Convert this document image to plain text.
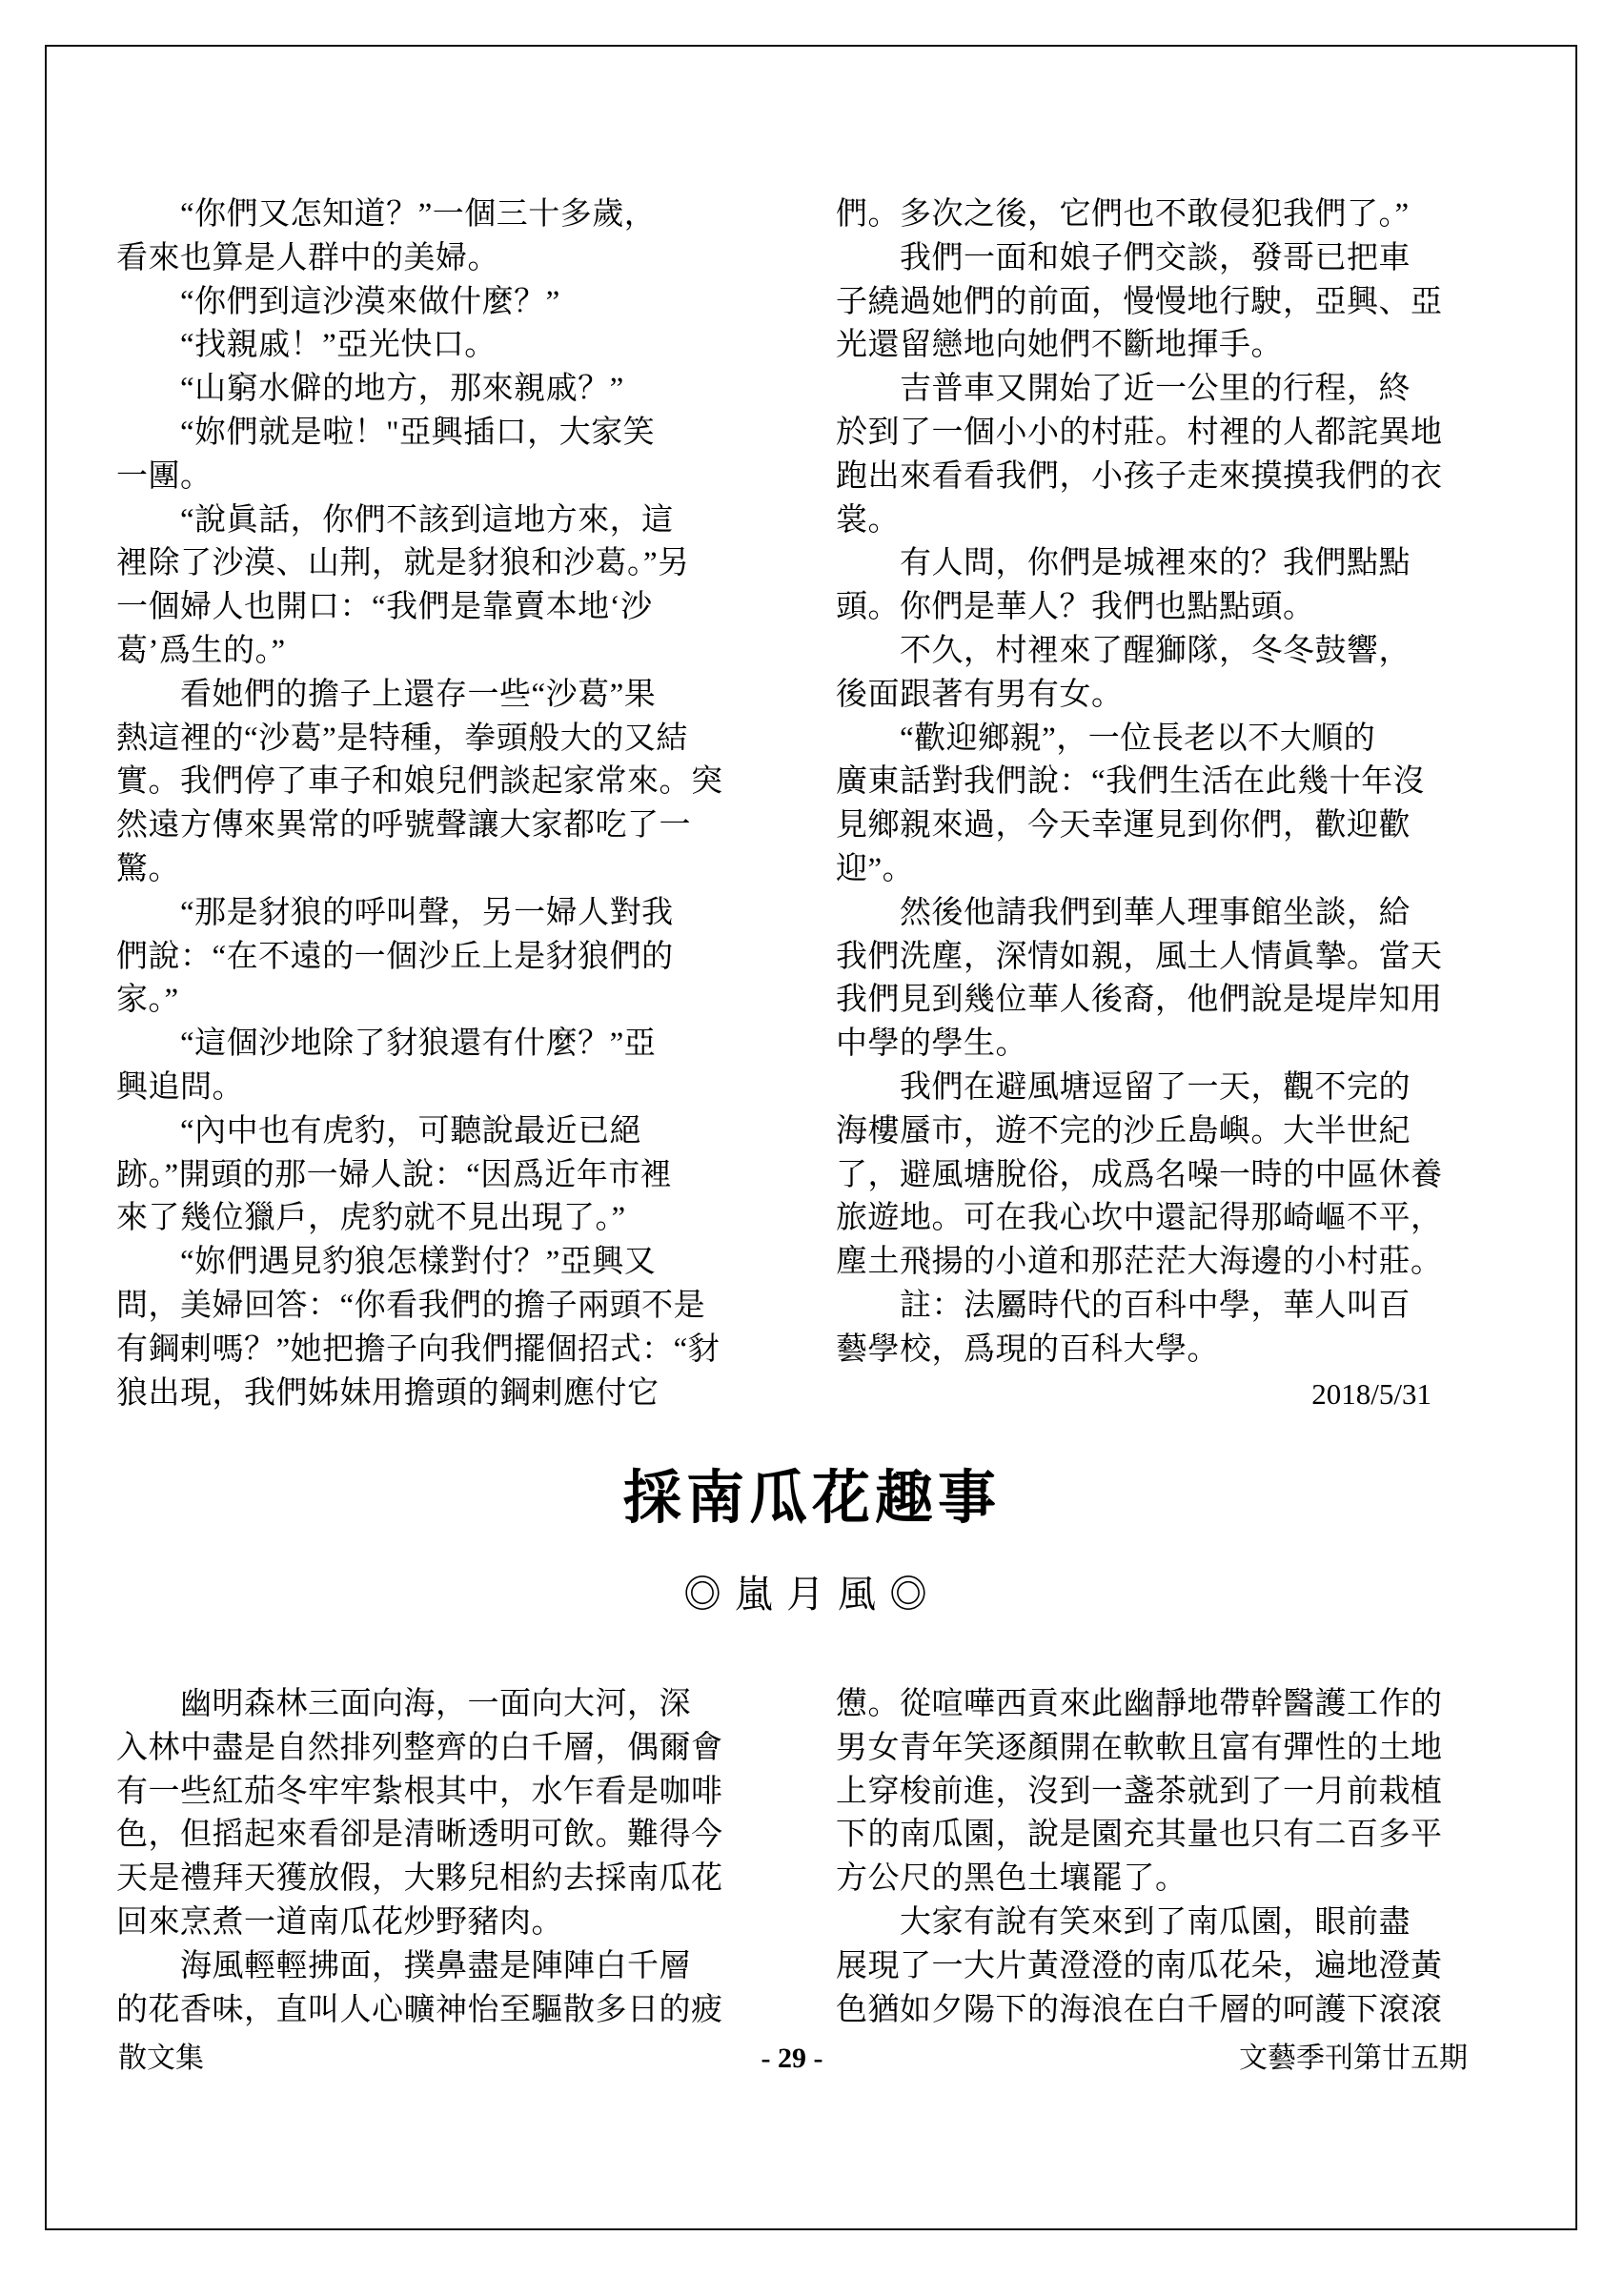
　　“你們又怎知道？”一個三十多歲，
看來也算是人群中的美婦。
　　“你們到這沙漠來做什麼？”
　　“找親戚！”亞光快口。
　　“山窮水僻的地方，那來親戚？”
　　“妳們就是啦！"亞興插口，大家笑
一團。
　　“說眞話，你們不該到這地方來，這
裡除了沙漠、山荆，就是豺狼和沙葛。”另
一個婦人也開口：“我們是靠賣本地‘沙
葛’爲生的。”
　　看她們的擔子上還存一些“沙葛”果
熱這裡的“沙葛”是特種，拳頭般大的又結
實。我們停了車子和娘兒們談起家常來。突
然遠方傳來異常的呼號聲讓大家都吃了一
驚。
　　“那是豺狼的呼叫聲，另一婦人對我
們說：“在不遠的一個沙丘上是豺狼們的
家。”
　　“這個沙地除了豺狼還有什麼？”亞
興追問。
　　“內中也有虎豹，可聽說最近已絕
跡。”開頭的那一婦人說：“因爲近年市裡
來了幾位獵戶，虎豹就不見出現了。”
　　“妳們遇見豹狼怎樣對付？”亞興又
問，美婦回答：“你看我們的擔子兩頭不是
有鋼剌嗎？”她把擔子向我們擺個招式：“豺
狼出現，我們姊妹用擔頭的鋼剌應付它
們。多次之後，它們也不敢侵犯我們了。”
　　我們一面和娘子們交談，發哥已把車
子繞過她們的前面，慢慢地行駛，亞興、亞
光還留戀地向她們不斷地揮手。
　　吉普車又開始了近一公里的行程，終
於到了一個小小的村莊。村裡的人都詫異地
跑出來看看我們，小孩子走來摸摸我們的衣
裳。
　　有人問，你們是城裡來的？我們點點
頭。你們是華人？我們也點點頭。
　　不久，村裡來了醒獅隊，冬冬鼓響，
後面跟著有男有女。
　　“歡迎鄉親”，一位長老以不大順的
廣東話對我們說：“我們生活在此幾十年沒
見鄉親來過，今天幸運見到你們，歡迎歡
迎”。
　　然後他請我們到華人理事館坐談，給
我們洗塵，深情如親，風土人情眞摯。當天
我們見到幾位華人後裔，他們說是堤岸知用
中學的學生。
　　我們在避風塘逗留了一天，觀不完的
海樓蜃市，遊不完的沙丘島嶼。大半世紀
了，避風塘脫俗，成爲名噪一時的中區休養
旅遊地。可在我心坎中還記得那崎嶇不平，
塵土飛揚的小道和那茫茫大海邊的小村莊。
　　註：法屬時代的百科中學，華人叫百
藝學校，爲現的百科大學。
2018/5/31
採南瓜花趣事
◎嵐月風◎
　　幽明森林三面向海，一面向大河，深
入林中盡是自然排列整齊的白千層，偶爾會
有一些紅茄冬牢牢紮根其中，水乍看是咖啡
色，但搯起來看卻是清晰透明可飲。難得今
天是禮拜天獲放假，大夥兒相約去採南瓜花
回來烹煮一道南瓜花炒野豬肉。
　　海風輕輕拂面，撲鼻盡是陣陣白千層
的花香味，直叫人心曠神怡至驅散多日的疲
憊。從喧嘩西貢來此幽靜地帶幹醫護工作的
男女青年笑逐顏開在軟軟且富有彈性的土地
上穿梭前進，沒到一盞茶就到了一月前栽植
下的南瓜園，說是園充其量也只有二百多平
方公尺的黑色土壤罷了。
　　大家有說有笑來到了南瓜園，眼前盡
展現了一大片黃澄澄的南瓜花朵，遍地澄黃
色猶如夕陽下的海浪在白千層的呵護下滾滾
散文集	- 29 -	文藝季刊第廿五期
